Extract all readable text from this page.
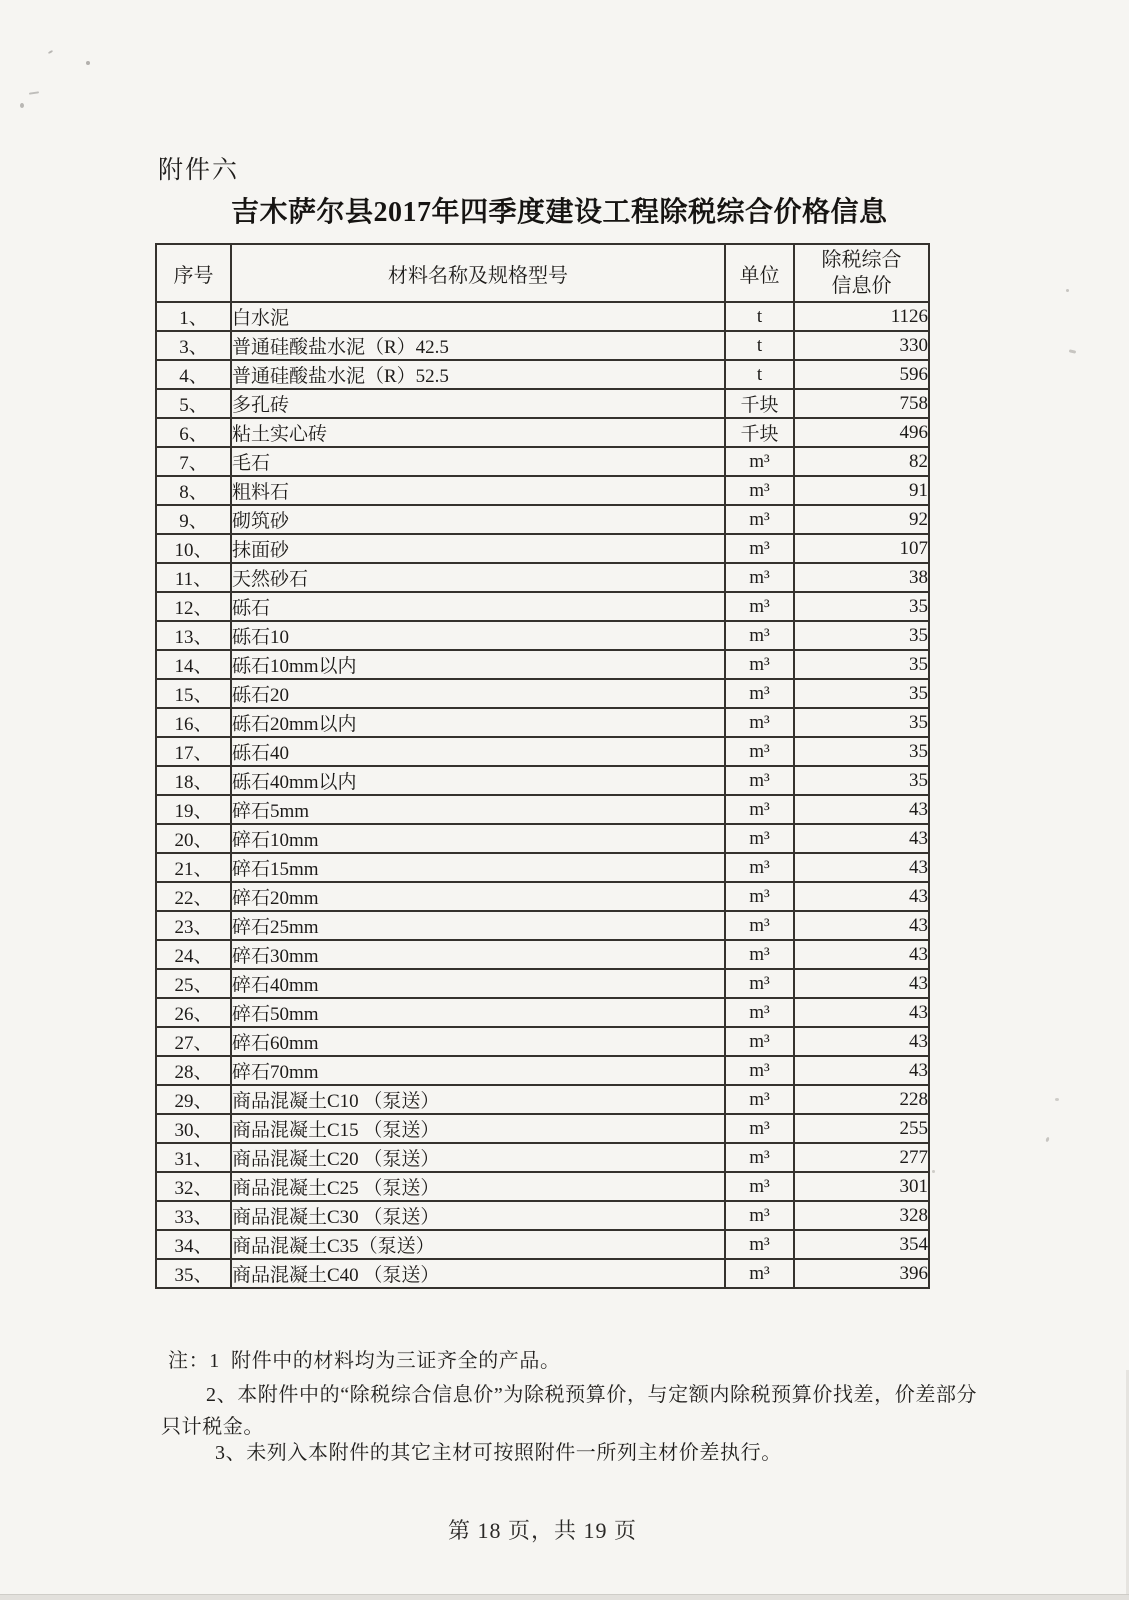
附件六
吉木萨尔县2017年四季度建设工程除税综合价格信息
序号	材料名称及规格型号	单位	除税综合
信息价

1、	白水泥	t	1126
3、	普通硅酸盐水泥（R）42.5	t	330
4、	普通硅酸盐水泥（R）52.5	t	596
5、	多孔砖	千块	758
6、	粘土实心砖	千块	496
7、	毛石	m³	82
8、	粗料石	m³	91
9、	砌筑砂	m³	92
10、	抹面砂	m³	107
11、	天然砂石	m³	38
12、	砾石	m³	35
13、	砾石10	m³	35
14、	砾石10mm以内	m³	35
15、	砾石20	m³	35
16、	砾石20mm以内	m³	35
17、	砾石40	m³	35
18、	砾石40mm以内	m³	35
19、	碎石5mm	m³	43
20、	碎石10mm	m³	43
21、	碎石15mm	m³	43
22、	碎石20mm	m³	43
23、	碎石25mm	m³	43
24、	碎石30mm	m³	43
25、	碎石40mm	m³	43
26、	碎石50mm	m³	43
27、	碎石60mm	m³	43
28、	碎石70mm	m³	43
29、	商品混凝土C10 （泵送）	m³	228
30、	商品混凝土C15 （泵送）	m³	255
31、	商品混凝土C20 （泵送）	m³	277
32、	商品混凝土C25 （泵送）	m³	301
33、	商品混凝土C30 （泵送）	m³	328
34、	商品混凝土C35（泵送）	m³	354
35、	商品混凝土C40 （泵送）	m³	396
注：1  附件中的材料均为三证齐全的产品。
2、本附件中的“除税综合信息价”为除税预算价，与定额内除税预算价找差，价差部分
只计税金。
3、未列入本附件的其它主材可按照附件一所列主材价差执行。
第 18 页，共 19 页
